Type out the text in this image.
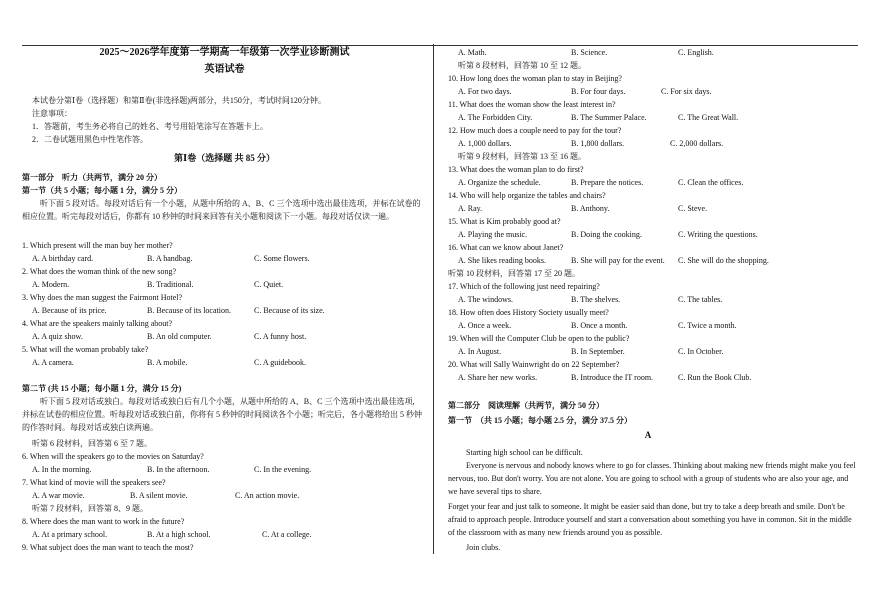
2025～2026学年度第一学期高一年级第一次学业诊断测试
英语试卷
本试卷分第Ⅰ卷（选择题）和第Ⅱ卷(非选择题)两部分，共150分，考试时间120分钟。
注意事项：
1．答题前，考生务必将自己的姓名、考号用铅笔涂写在答题卡上。
2．二卷试题用黑色中性笔作答。
第Ⅰ卷（选择题 共 85 分）
第一部分　听力（共两节，满分 20 分）
第一节（共 5 小题；每小题 1 分，满分 5 分）
听下面 5 段对话。每段对话后有一个小题，从题中所给的 A、B、C 三个选项中选出最佳选项，并标在试卷的相应位置。听完每段对话后，你都有 10 秒钟的时间来回答有关小题和阅读下一小题。每段对话仅读一遍。
1. Which present will the man buy her mother?
A. A birthday card.	B. A handbag.	C. Some flowers.
2. What does the woman think of the new song?
A. Modern.	B. Traditional.	C. Quiet.
3. Why does the man suggest the Fairmont Hotel?
A. Because of its price.	B. Because of its location.	C. Because of its size.
4. What are the speakers mainly talking about?
A. A quiz show.	B. An old computer.	C. A funny host.
5. What will the woman probably take?
A. A camera.	B. A mobile.	C. A guidebook.
第二节 (共 15 小题；每小题 1 分，满分 15 分)
听下面 5 段对话或独白。每段对话或独白后有几个小题，从题中所给的 A、B、C 三个选项中选出最佳选项,并标在试卷的相应位置。听每段对话或独白前，你将有 5 秒钟的时间阅读各个小题；听完后，各小题将给出 5 秒钟的作答时间。每段对话或独白读两遍。
听第 6 段材料，回答第 6 至 7 题。
6. When will the speakers go to the movies on Saturday?
A. In the morning.	B. In the afternoon.	C. In the evening.
7. What kind of movie will the speakers see?
A. A war movie.	B. A silent movie.	C. An action movie.
听第 7 段材料，回答第 8、9 题。
8. Where does the man want to work in the future?
A. At a primary school.	B. At a high school.	C. At a college.
9. What subject does the man want to teach the most?
A. Math.	B. Science.	C. English.
听第 8 段材料，回答第 10 至 12 题。
10. How long does the woman plan to stay in Beijing?
A. For two days.	B. For four days.	C. For six days.
11. What does the woman show the least interest in?
A. The Forbidden City.	B. The Summer Palace.	C. The Great Wall.
12. How much does a couple need to pay for the tour?
A. 1,000 dollars.	B. 1,800 dollars.	C. 2,000 dollars.
听第 9 段材料，回答第 13 至 16 题。
13. What does the woman plan to do first?
A. Organize the schedule.	B. Prepare the notices.	C. Clean the offices.
14. Who will help organize the tables and chairs?
A. Ray.	B. Anthony.	C. Steve.
15. What is Kim probably good at?
A. Playing the music.	B. Doing the cooking.	C. Writing the questions.
16. What can we know about Janet?
A. She likes reading books.	B. She will pay for the event.	C. She will do the shopping.
听第 10 段材料，回答第 17 至 20 题。
17. Which of the following just need repairing?
A. The windows.	B. The shelves.	C. The tables.
18. How often does History Society usually meet?
A. Once a week.	B. Once a month.	C. Twice a month.
19. When will the Computer Club be open to the public?
A. In August.	B. In September.	C. In October.
20. What will Sally Wainwright do on 22 September?
A. Share her new works.	B. Introduce the IT room.	C. Run the Book Club.
第二部分　阅读理解（共两节，满分 50 分）
第一节　（共 15 小题；每小题 2.5 分，满分 37.5 分）
A
Starting high school can be difficult.
Everyone is nervous and nobody knows where to go for classes. Thinking about making new friends might make you feel nervous, too. But don't worry. You are not alone. You are going to school with a group of students who are also your age, and we have several tips to share.
Forget your fear and just talk to someone. It might be easier said than done, but try to take a deep breath and smile. Don't be afraid to approach people. Introduce yourself and start a conversation about something you have in common. Sit in the middle of the classroom with as many new friends around you as possible.
Join clubs.
